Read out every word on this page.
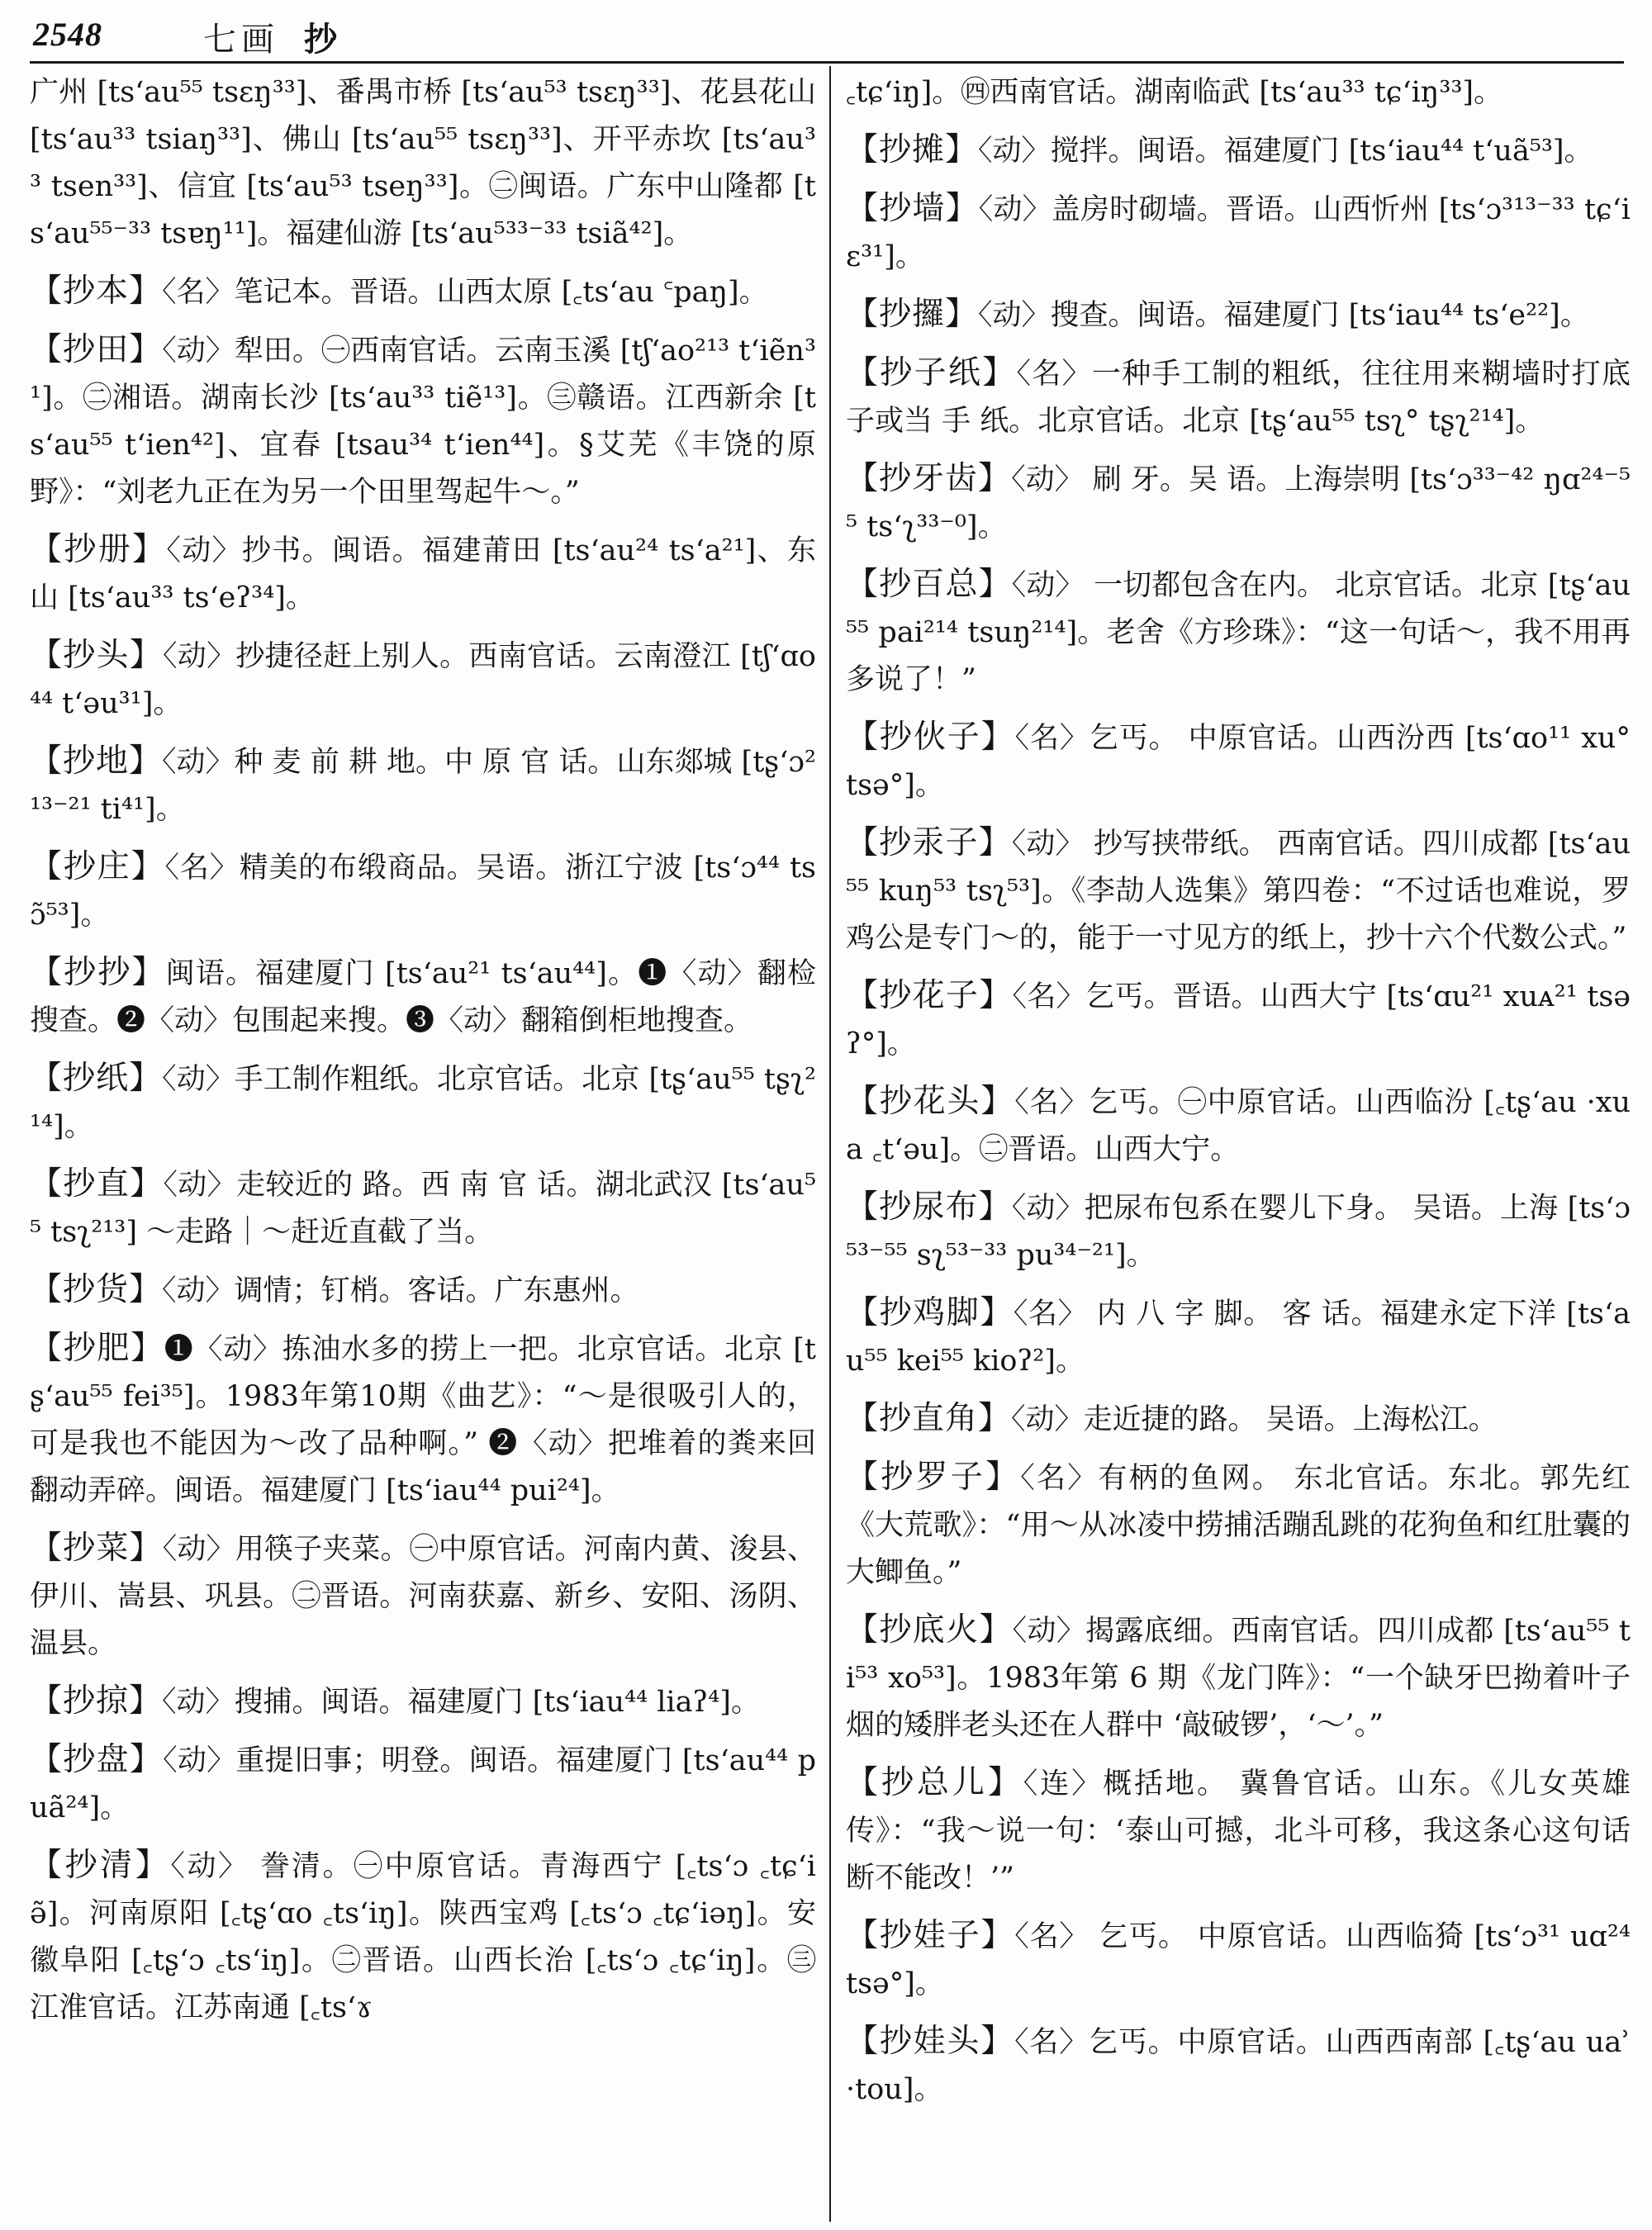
2548	七画 抄
广州 [ts‘au⁵⁵ tsɛŋ³³]、番禺市桥 [ts‘au⁵³ tsɛŋ³³]、花县花山 [ts‘au³³ tsiaŋ³³]、佛山 [ts‘au⁵⁵ tsɛŋ³³]、开平赤坎 [ts‘au³³ tsen³³]、信宜 [ts‘au⁵³ tseŋ³³]。㊁闽语。广东中山隆都 [ts‘au⁵⁵⁻³³ tsɐŋ¹¹]。福建仙游 [ts‘au⁵³³⁻³³ tsiã⁴²]。
【抄本】〈名〉笔记本。晋语。山西太原 [꜀ts‘au ꜂paŋ]。
【抄田】〈动〉犁田。㊀西南官话。云南玉溪 [tʃ‘ao²¹³ t‘iẽn³¹]。㊁湘语。湖南长沙 [ts‘au³³ tiẽ¹³]。㊂赣语。江西新余 [ts‘au⁵⁵ t‘ien⁴²]、宜春 [tsau³⁴ t‘ien⁴⁴]。§艾芜《丰饶的原野》：“刘老九正在为另一个田里驾起牛～。”
【抄册】〈动〉抄书。闽语。福建莆田 [ts‘au²⁴ ts‘a²¹]、东山 [ts‘au³³ ts‘eʔ³⁴]。
【抄头】〈动〉抄捷径赶上别人。西南官话。云南澄江 [tʃ‘ɑo⁴⁴ t‘əu³¹]。
【抄地】〈动〉种 麦 前 耕 地。中 原 官 话。山东郯城 [tʂ‘ɔ²¹³⁻²¹ ti⁴¹]。
【抄庄】〈名〉精美的布缎商品。吴语。浙江宁波 [ts‘ɔ⁴⁴ tsɔ̃⁵³]。
【抄抄】闽语。福建厦门 [ts‘au²¹ ts‘au⁴⁴]。❶〈动〉翻检搜查。❷〈动〉包围起来搜。❸〈动〉翻箱倒柜地搜查。
【抄纸】〈动〉手工制作粗纸。北京官话。北京 [tʂ‘au⁵⁵ tʂʅ²¹⁴]。
【抄直】〈动〉走较近的 路。西 南 官 话。湖北武汉 [ts‘au⁵⁵ tsʅ²¹³] ～走路｜～赶近直截了当。
【抄货】〈动〉调情；钉梢。客话。广东惠州。
【抄肥】❶〈动〉拣油水多的捞上一把。北京官话。北京 [tʂ‘au⁵⁵ fei³⁵]。1983年第10期《曲艺》：“～是很吸引人的，可是我也不能因为～改了品种啊。” ❷〈动〉把堆着的粪来回翻动弄碎。闽语。福建厦门 [ts‘iau⁴⁴ pui²⁴]。
【抄菜】〈动〉用筷子夹菜。㊀中原官话。河南内黄、浚县、伊川、嵩县、巩县。㊁晋语。河南获嘉、新乡、安阳、汤阴、温县。
【抄掠】〈动〉搜捕。闽语。福建厦门 [ts‘iau⁴⁴ liaʔ⁴]。
【抄盘】〈动〉重提旧事；明登。闽语。福建厦门 [ts‘au⁴⁴ puã²⁴]。
【抄清】〈动〉 誊清。㊀中原官话。青海西宁 [꜀ts‘ɔ ꜀tɕ‘iə̃]。河南原阳 [꜀tʂ‘ɑo ꜀ts‘iŋ]。陕西宝鸡 [꜀ts‘ɔ ꜀tɕ‘iəŋ]。安徽阜阳 [꜀tʂ‘ɔ ꜀ts‘iŋ]。㊁晋语。山西长治 [꜀ts‘ɔ ꜀tɕ‘iŋ]。㊂江淮官话。江苏南通 [꜀ts‘ɤ
꜀tɕ‘iŋ]。㊃西南官话。湖南临武 [ts‘au³³ tɕ‘iŋ³³]。
【抄摊】〈动〉搅拌。闽语。福建厦门 [ts‘iau⁴⁴ t‘uã⁵³]。
【抄墙】〈动〉盖房时砌墙。晋语。山西忻州 [ts‘ɔ³¹³⁻³³ tɕ‘iɛ³¹]。
【抄攞】〈动〉搜查。闽语。福建厦门 [ts‘iau⁴⁴ ts‘e²²]。
【抄子纸】〈名〉一种手工制的粗纸，往往用来糊墙时打底子或当 手 纸。北京官话。北京 [tʂ‘au⁵⁵ tsʅ° tʂʅ²¹⁴]。
【抄牙齿】〈动〉 刷 牙。吴 语。上海崇明 [ts‘ɔ³³⁻⁴² ŋɑ²⁴⁻⁵⁵ ts‘ʅ³³⁻⁰]。
【抄百总】〈动〉 一切都包含在内。 北京官话。北京 [tʂ‘au⁵⁵ pai²¹⁴ tsuŋ²¹⁴]。老舍《方珍珠》：“这一句话～，我不用再多说了！”
【抄伙子】〈名〉乞丐。 中原官话。山西汾西 [ts‘ɑo¹¹ xu° tsə°]。
【抄汞子】〈动〉 抄写挟带纸。 西南官话。四川成都 [ts‘au⁵⁵ kuŋ⁵³ tsʅ⁵³]。《李劼人选集》第四卷：“不过话也难说，罗鸡公是专门～的，能于一寸见方的纸上，抄十六个代数公式。”
【抄花子】〈名〉乞丐。晋语。山西大宁 [ts‘ɑu²¹ xuᴀ²¹ tsəʔ°]。
【抄花头】〈名〉乞丐。㊀中原官话。山西临汾 [꜀tʂ‘au ·xua ꜀t‘əu]。㊁晋语。山西大宁。
【抄尿布】〈动〉把尿布包系在婴儿下身。 吴语。上海 [ts‘ɔ⁵³⁻⁵⁵ sʅ⁵³⁻³³ pu³⁴⁻²¹]。
【抄鸡脚】〈名〉 内 八 字 脚。 客 话。福建永定下洋 [ts‘au⁵⁵ kei⁵⁵ kioʔ²]。
【抄直角】〈动〉走近捷的路。 吴语。上海松江。
【抄罗子】〈名〉有柄的鱼网。 东北官话。东北。郭先红《大荒歌》：“用～从冰凌中捞捕活蹦乱跳的花狗鱼和红肚囊的大鲫鱼。”
【抄底火】〈动〉揭露底细。西南官话。四川成都 [ts‘au⁵⁵ ti⁵³ xo⁵³]。1983年第 6 期《龙门阵》：“一个缺牙巴拗着叶子烟的矮胖老头还在人群中 ‘敲破锣’，‘～’。”
【抄总儿】〈连〉概括地。 冀鲁官话。山东。《儿女英雄传》：“我～说一句：‘泰山可撼，北斗可移，我这条心这句话断不能改！’”
【抄娃子】〈名〉 乞丐。 中原官话。山西临猗 [ts‘ɔ³¹ uɑ²⁴ tsə°]。
【抄娃头】〈名〉乞丐。中原官话。山西西南部 [꜀tʂ‘au uaʾ ·tou]。
